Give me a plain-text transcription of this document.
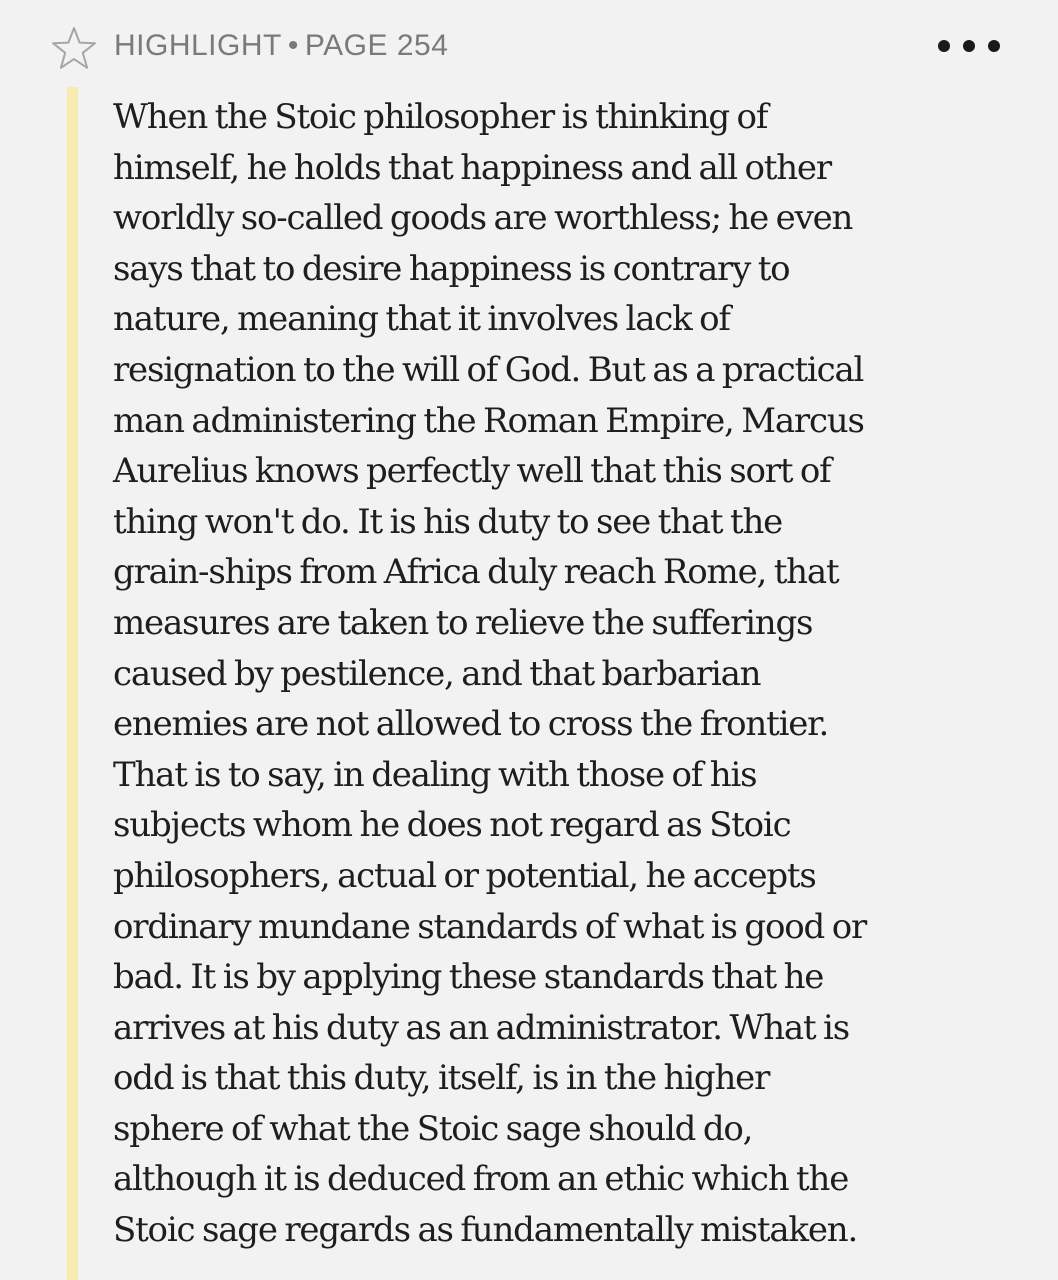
HIGHLIGHT • PAGE 254

When the Stoic philosopher is thinking of
himself, he holds that happiness and all other
worldly so-called goods are worthless; he even
says that to desire happiness is contrary to
nature, meaning that it involves lack of
resignation to the will of God. But as a practical
man administering the Roman Empire, Marcus
Aurelius knows perfectly well that this sort of
thing won't do. It is his duty to see that the
grain-ships from Africa duly reach Rome, that
measures are taken to relieve the sufferings
caused by pestilence, and that barbarian
enemies are not allowed to cross the frontier.
That is to say, in dealing with those of his
subjects whom he does not regard as Stoic
philosophers, actual or potential, he accepts
ordinary mundane standards of what is good or
bad. It is by applying these standards that he
arrives at his duty as an administrator. What is
odd is that this duty, itself, is in the higher
sphere of what the Stoic sage should do,
although it is deduced from an ethic which the
Stoic sage regards as fundamentally mistaken.
